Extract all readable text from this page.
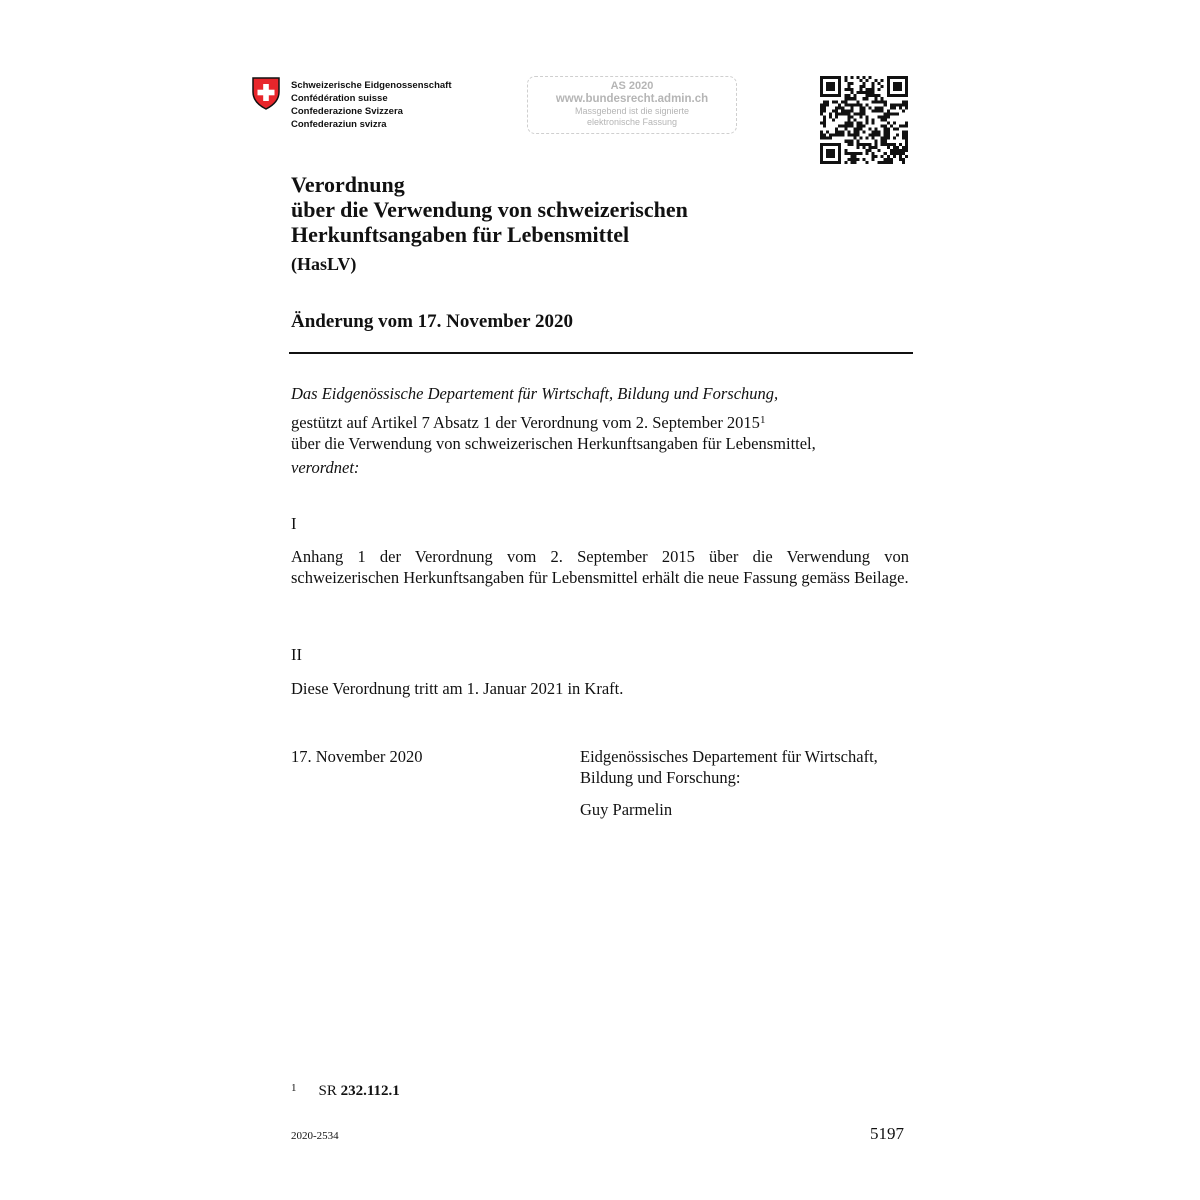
Schweizerische Eidgenossenschaft
Confédération suisse
Confederazione Svizzera
Confederaziun svizra
AS 2020
www.bundesrecht.admin.ch
Massgebend ist die signierte
elektronische Fassung
Verordnung
über die Verwendung von schweizerischen
Herkunftsangaben für Lebensmittel
(HasLV)
Änderung vom 17. November 2020
Das Eidgenössische Departement für Wirtschaft, Bildung und Forschung,
gestützt auf Artikel 7 Absatz 1 der Verordnung vom 2. September 2015$^1$
über die Verwendung von schweizerischen Herkunftsangaben für Lebensmittel,
verordnet:
I
Anhang 1 der Verordnung vom 2. September 2015 über die Verwendung von schweizerischen Herkunftsangaben für Lebensmittel erhält die neue Fassung gemäss Beilage.
II
Diese Verordnung tritt am 1. Januar 2021 in Kraft.
17. November 2020	Eidgenössisches Departement für Wirtschaft,
Bildung und Forschung:
Guy Parmelin
$^1$ SR 232.112.1
2020-2534	5197
